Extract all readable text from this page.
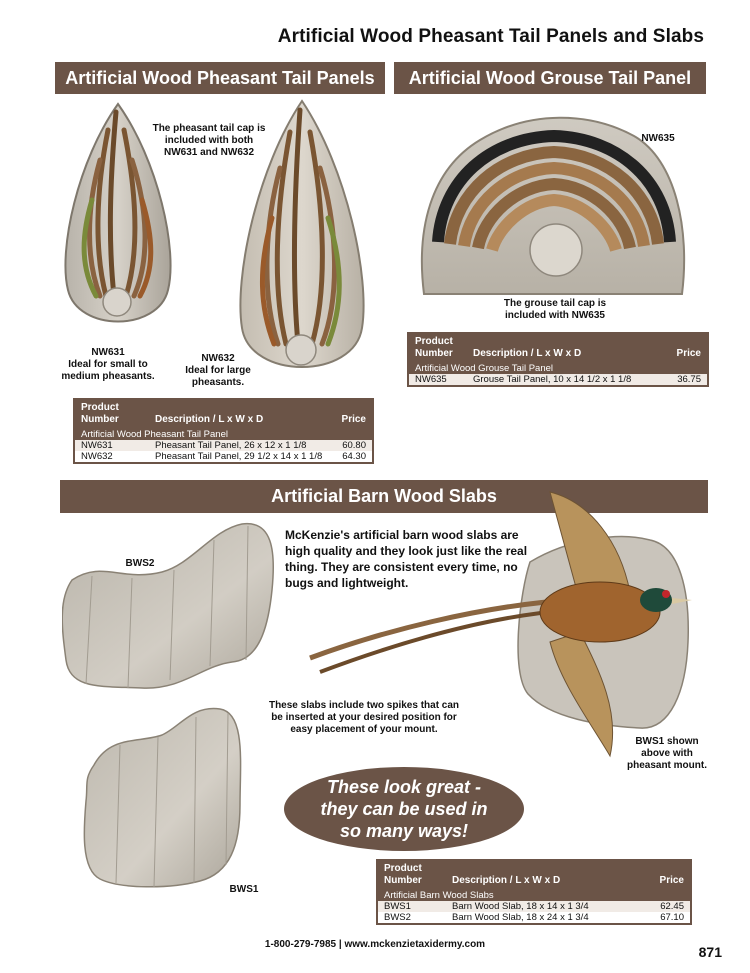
Artificial Wood Pheasant Tail Panels and Slabs
Artificial Wood Pheasant Tail Panels
The pheasant tail cap is included with both NW631 and NW632
NW631
Ideal for small to
medium pheasants.
NW632
Ideal for large
pheasants.
Product
Number	Description / L x W x D	Price
Artificial Wood Pheasant Tail Panel		
NW631	Pheasant Tail Panel, 26 x 12 x 1 1/8	60.80
NW632	Pheasant Tail Panel, 29 1/2 x 14 x 1 1/8	64.30
Artificial Wood Grouse Tail Panel
NW635
The grouse tail cap is
included with NW635
Product
Number	Description / L x W x D	Price
Artificial Wood Grouse Tail Panel		
NW635	Grouse Tail Panel, 10 x 14 1/2 x 1 1/8	36.75
Artificial Barn Wood Slabs
McKenzie's artificial barn wood slabs are high quality and they look just like the real thing. They are consistent every time, no bugs and lightweight.
BWS2
BWS1
These slabs include two spikes that can be inserted at your desired position for easy placement of your mount.
BWS1 shown
above with
pheasant mount.
These look great -
they can be used in
so many ways!
Product
Number	Description / L x W x D	Price
Artificial Barn Wood Slabs		
BWS1	Barn Wood Slab, 18 x 14 x 1 3/4	62.45
BWS2	Barn Wood Slab, 18 x 24 x 1 3/4	67.10
1-800-279-7985 | www.mckenzietaxidermy.com	871
